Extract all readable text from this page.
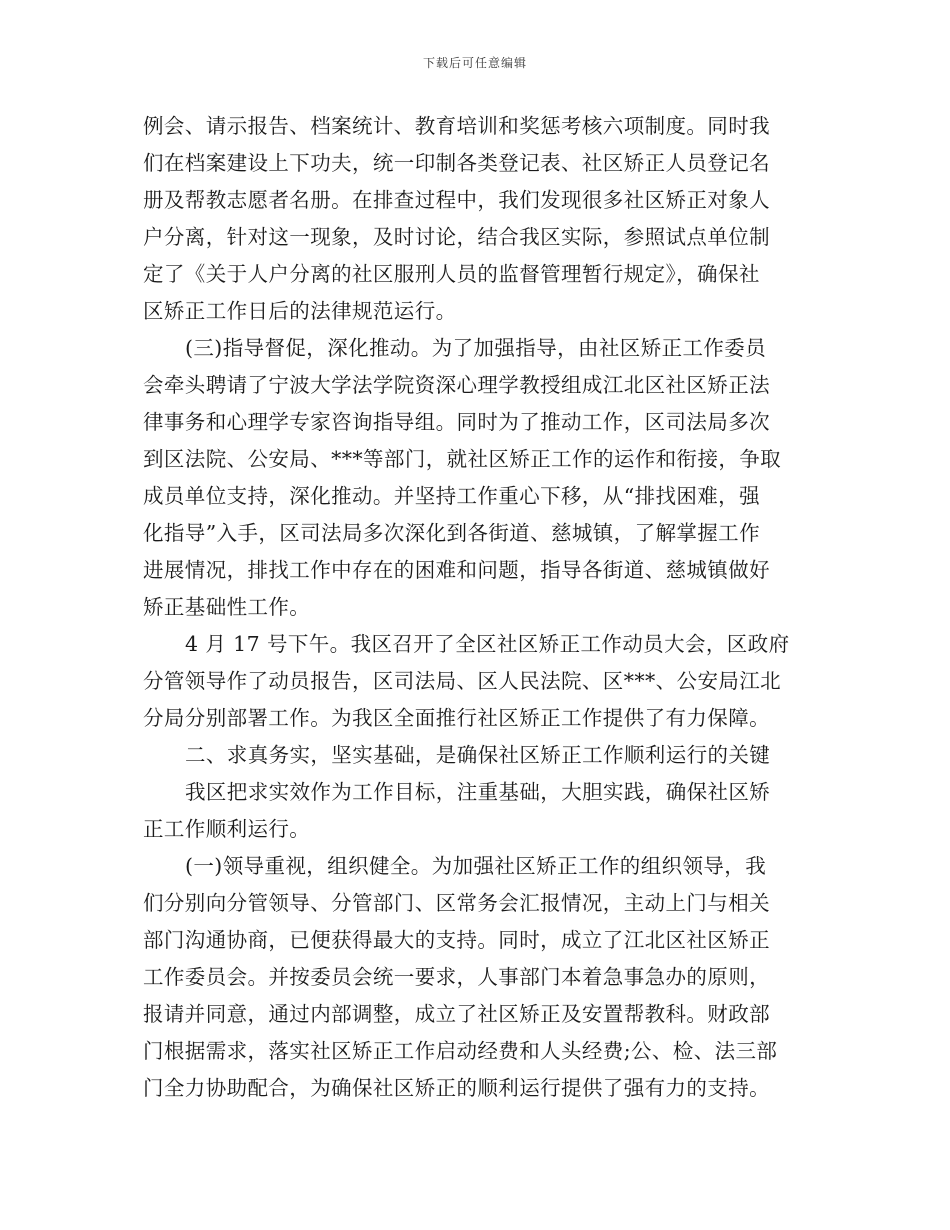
下载后可任意编辑
例会、请示报告、档案统计、教育培训和奖惩考核六项制度。同时我
们在档案建设上下功夫，统一印制各类登记表、社区矫正人员登记名
册及帮教志愿者名册。在排查过程中，我们发现很多社区矫正对象人
户分离，针对这一现象，及时讨论，结合我区实际，参照试点单位制
定了《关于人户分离的社区服刑人员的监督管理暂行规定》，确保社
区矫正工作日后的法律规范运行。
(三)指导督促，深化推动。为了加强指导，由社区矫正工作委员
会牵头聘请了宁波大学法学院资深心理学教授组成江北区社区矫正法
律事务和心理学专家咨询指导组。同时为了推动工作，区司法局多次
到区法院、公安局、***等部门，就社区矫正工作的运作和衔接，争取
成员单位支持，深化推动。并坚持工作重心下移，从“排找困难，强
化指导”入手，区司法局多次深化到各街道、慈城镇，了解掌握工作
进展情况，排找工作中存在的困难和问题，指导各街道、慈城镇做好
矫正基础性工作。
4 月 17 号下午。我区召开了全区社区矫正工作动员大会，区政府
分管领导作了动员报告，区司法局、区人民法院、区***、公安局江北
分局分别部署工作。为我区全面推行社区矫正工作提供了有力保障。
二、求真务实，坚实基础，是确保社区矫正工作顺利运行的关键
我区把求实效作为工作目标，注重基础，大胆实践，确保社区矫
正工作顺利运行。
(一)领导重视，组织健全。为加强社区矫正工作的组织领导，我
们分别向分管领导、分管部门、区常务会汇报情况，主动上门与相关
部门沟通协商，已便获得最大的支持。同时，成立了江北区社区矫正
工作委员会。并按委员会统一要求，人事部门本着急事急办的原则，
报请并同意，通过内部调整，成立了社区矫正及安置帮教科。财政部
门根据需求，落实社区矫正工作启动经费和人头经费;公、检、法三部
门全力协助配合，为确保社区矫正的顺利运行提供了强有力的支持。
